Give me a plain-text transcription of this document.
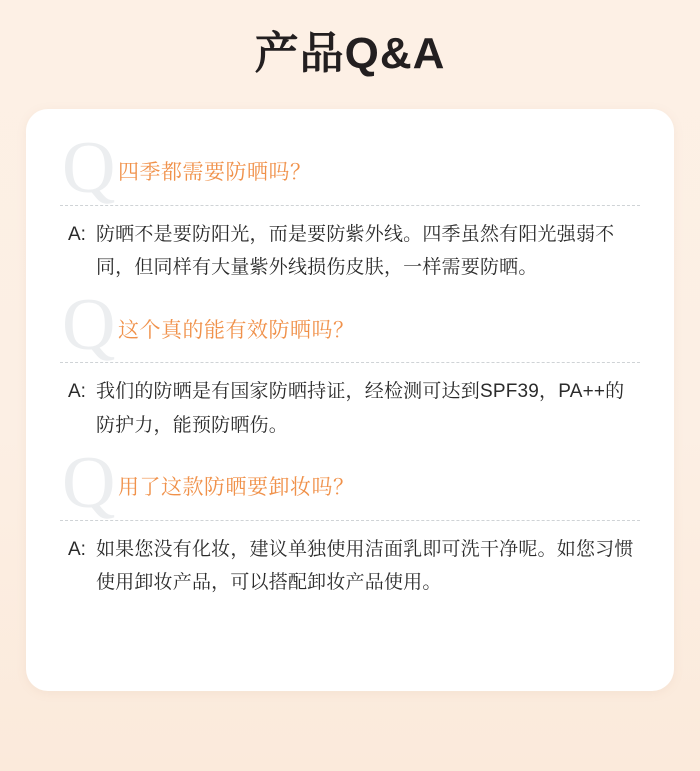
产品Q&A
Q 四季都需要防晒吗？
A: 防晒不是要防阳光，而是要防紫外线。四季虽然有阳光强弱不同，但同样有大量紫外线损伤皮肤，一样需要防晒。
Q 这个真的能有效防晒吗？
A: 我们的防晒是有国家防晒持证，经检测可达到SPF39，PA++的防护力，能预防晒伤。
Q 用了这款防晒要卸妆吗？
A: 如果您没有化妆，建议单独使用洁面乳即可洗干净呢。如您习惯使用卸妆产品，可以搭配卸妆产品使用。
